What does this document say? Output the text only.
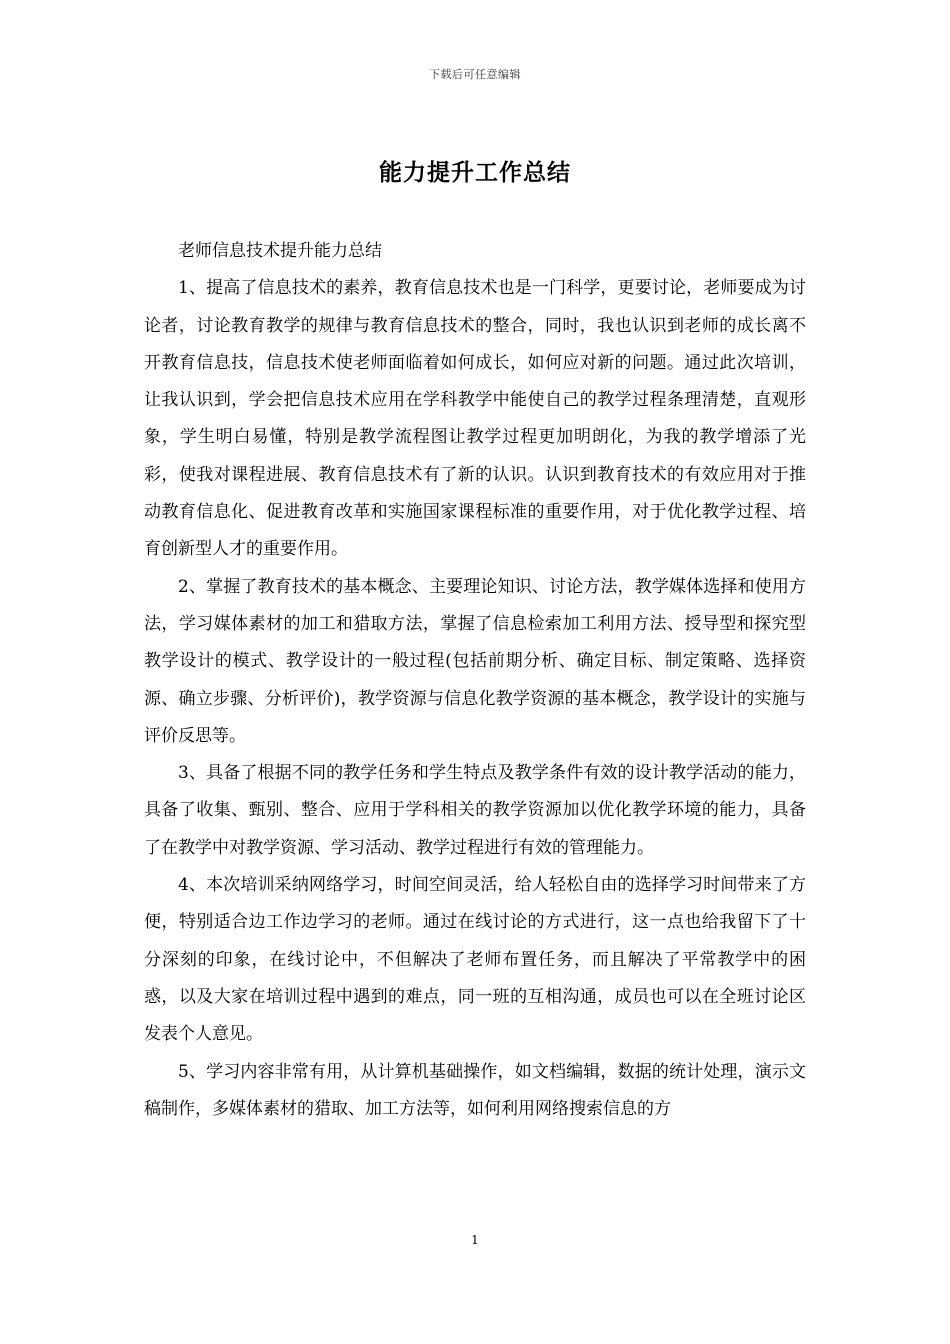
下载后可任意编辑
能力提升工作总结

老师信息技术提升能力总结

1、提高了信息技术的素养，教育信息技术也是一门科学，更要讨论，老师要成为讨论者，讨论教育教学的规律与教育信息技术的整合，同时，我也认识到老师的成长离不开教育信息技，信息技术使老师面临着如何成长，如何应对新的问题。通过此次培训，让我认识到，学会把信息技术应用在学科教学中能使自己的教学过程条理清楚，直观形象，学生明白易懂，特别是教学流程图让教学过程更加明朗化，为我的教学增添了光彩，使我对课程进展、教育信息技术有了新的认识。认识到教育技术的有效应用对于推动教育信息化、促进教育改革和实施国家课程标准的重要作用，对于优化教学过程、培育创新型人才的重要作用。

2、掌握了教育技术的基本概念、主要理论知识、讨论方法，教学媒体选择和使用方法，学习媒体素材的加工和猎取方法，掌握了信息检索加工利用方法、授导型和探究型教学设计的模式、教学设计的一般过程(包括前期分析、确定目标、制定策略、选择资源、确立步骤、分析评价)，教学资源与信息化教学资源的基本概念，教学设计的实施与评价反思等。

3、具备了根据不同的教学任务和学生特点及教学条件有效的设计教学活动的能力，具备了收集、甄别、整合、应用于学科相关的教学资源加以优化教学环境的能力，具备了在教学中对教学资源、学习活动、教学过程进行有效的管理能力。

4、本次培训采纳网络学习，时间空间灵活，给人轻松自由的选择学习时间带来了方便，特别适合边工作边学习的老师。通过在线讨论的方式进行，这一点也给我留下了十分深刻的印象，在线讨论中，不但解决了老师布置任务，而且解决了平常教学中的困惑，以及大家在培训过程中遇到的难点，同一班的互相沟通，成员也可以在全班讨论区发表个人意见。

5、学习内容非常有用，从计算机基础操作，如文档编辑，数据的统计处理，演示文稿制作，多媒体素材的猎取、加工方法等，如何利用网络搜索信息的方

1
